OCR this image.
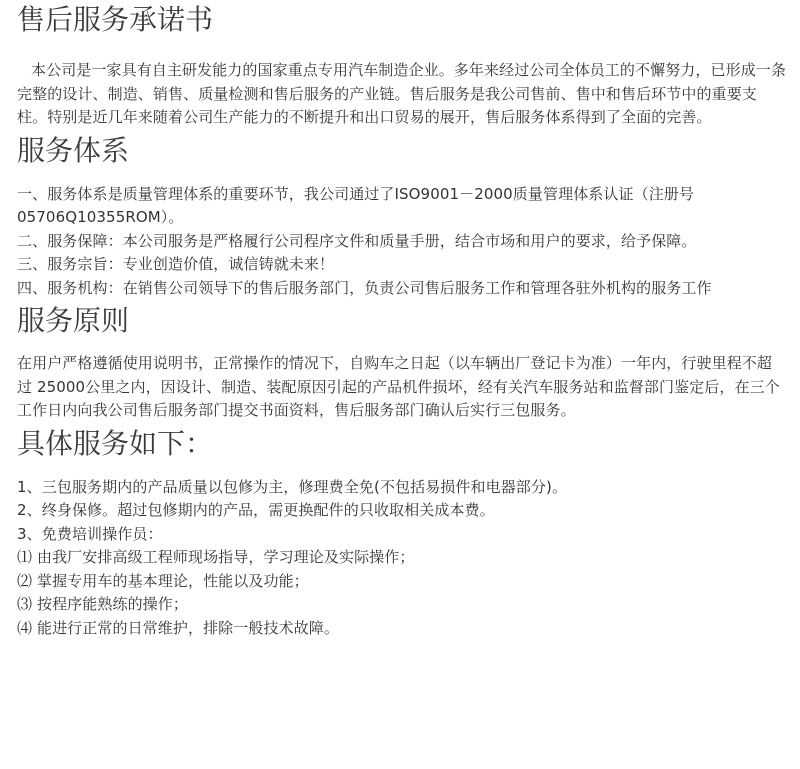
售后服务承诺书

本公司是一家具有自主研发能力的国家重点专用汽车制造企业。多年来经过公司全体员工的不懈努力，已形成一条完整的设计、制造、销售、质量检测和售后服务的产业链。售后服务是我公司售前、售中和售后环节中的重要支柱。特别是近几年来随着公司生产能力的不断提升和出口贸易的展开，售后服务体系得到了全面的完善。

服务体系

一、服务体系是质量管理体系的重要环节，我公司通过了ISO9001－2000质量管理体系认证（注册号05706Q10355ROM）。

二、服务保障：本公司服务是严格履行公司程序文件和质量手册，结合市场和用户的要求，给予保障。

三、服务宗旨：专业创造价值，诚信铸就未来！

四、服务机构：在销售公司领导下的售后服务部门，负责公司售后服务工作和管理各驻外机构的服务工作

服务原则

在用户严格遵循使用说明书，正常操作的情况下，自购车之日起（以车辆出厂登记卡为准）一年内，行驶里程不超过 25000公里之内，因设计、制造、装配原因引起的产品机件损坏，经有关汽车服务站和监督部门鉴定后，在三个工作日内向我公司售后服务部门提交书面资料，售后服务部门确认后实行三包服务。

具体服务如下：

1、三包服务期内的产品质量以包修为主，修理费全免(不包括易损件和电器部分)。

2、终身保修。超过包修期内的产品，需更换配件的只收取相关成本费。

3、免费培训操作员：

⑴ 由我厂安排高级工程师现场指导，学习理论及实际操作；

⑵ 掌握专用车的基本理论，性能以及功能；

⑶ 按程序能熟练的操作；

⑷ 能进行正常的日常维护，排除一般技术故障。
